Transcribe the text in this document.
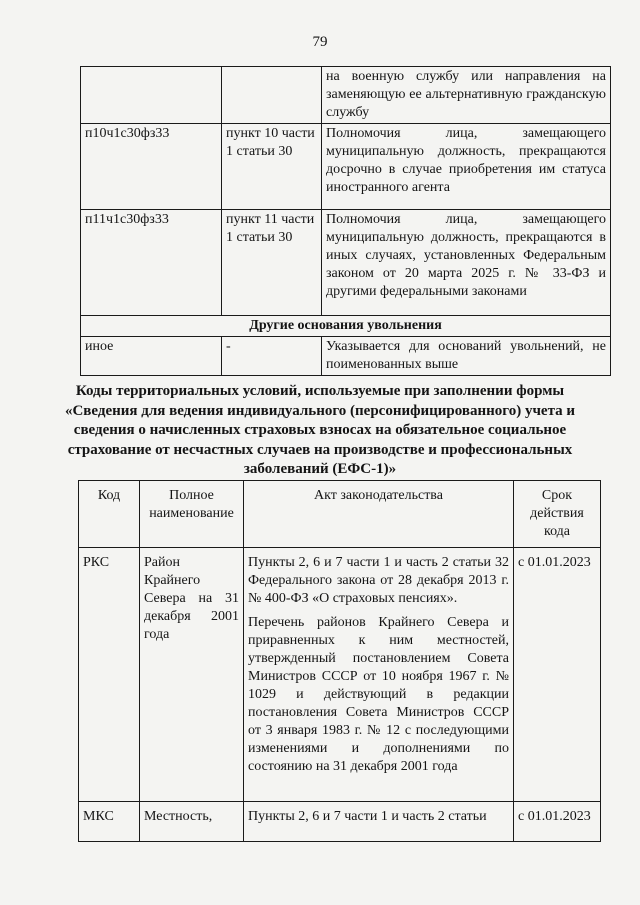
79

		на военную службу или направления на заменяющую ее альтернативную гражданскую службу

п10ч1с30фз33	пункт 10 части 1 статьи 30	Полномочия лица, замещающего муниципальную должность, прекращаются досрочно в случае приобретения им статуса иностранного агента

п11ч1с30фз33	пункт 11 части 1 статьи 30	Полномочия лица, замещающего муниципальную должность, прекращаются в иных случаях, установленных Федеральным законом от 20 марта 2025 г. № 33-ФЗ и другими федеральными законами

Другие основания увольнения		
иное	-	Указывается для оснований увольнений, не поименованных выше
Коды территориальных условий, используемые при заполнении формы «Сведения для ведения индивидуального (персонифицированного) учета и сведения о начисленных страховых взносах на обязательное социальное страхование от несчастных случаев на производстве и профессиональных заболеваний (ЕФС-1)»
Код	Полное наименование	Акт законодательства	Срок действия кода
РКС	Район Крайнего Севера на 31 декабря 2001 года	Пункты 2, 6 и 7 части 1 и часть 2 статьи 32 Федерального закона от 28 декабря 2013 г. № 400-ФЗ «О страховых пенсиях».

Перечень районов Крайнего Севера и приравненных к ним местностей, утвержденный постановлением Совета Министров СССР от 10 ноября 1967 г. № 1029 и действующий в редакции постановления Совета Министров СССР от 3 января 1983 г. № 12 с последующими изменениями и дополнениями по состоянию на 31 декабря 2001 года	с 01.01.2023
МКС	Местность,	Пункты 2, 6 и 7 части 1 и часть 2 статьи	с 01.01.2023
